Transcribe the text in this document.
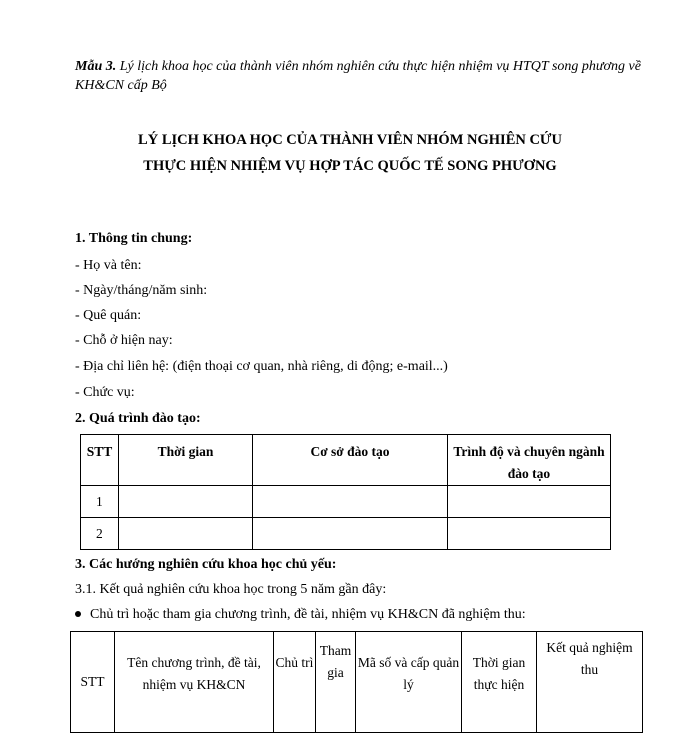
Mẫu 3. Lý lịch khoa học của thành viên nhóm nghiên cứu thực hiện nhiệm vụ HTQT song phương về KH&CN cấp Bộ
LÝ LỊCH KHOA HỌC CỦA THÀNH VIÊN NHÓM NGHIÊN CỨU
THỰC HIỆN NHIỆM VỤ HỢP TÁC QUỐC TẾ SONG PHƯƠNG
1. Thông tin chung:
- Họ và tên:
- Ngày/tháng/năm sinh:
- Quê quán:
- Chỗ ở hiện nay:
- Địa chỉ liên hệ: (điện thoại cơ quan, nhà riêng, di động; e-mail...)
- Chức vụ:
2. Quá trình đào tạo:
STT	Thời gian	Cơ sở đào tạo	Trình độ và chuyên ngành đào tạo
1			
2			
3. Các hướng nghiên cứu khoa học chủ yếu:
3.1. Kết quả nghiên cứu khoa học trong 5 năm gần đây:
Chủ trì hoặc tham gia chương trình, đề tài, nhiệm vụ KH&CN đã nghiệm thu:
STT	Tên chương trình, đề tài, nhiệm vụ KH&CN	Chủ trì	Tham gia	Mã số và cấp quản lý	Thời gian thực hiện	Kết quả nghiệm thu
